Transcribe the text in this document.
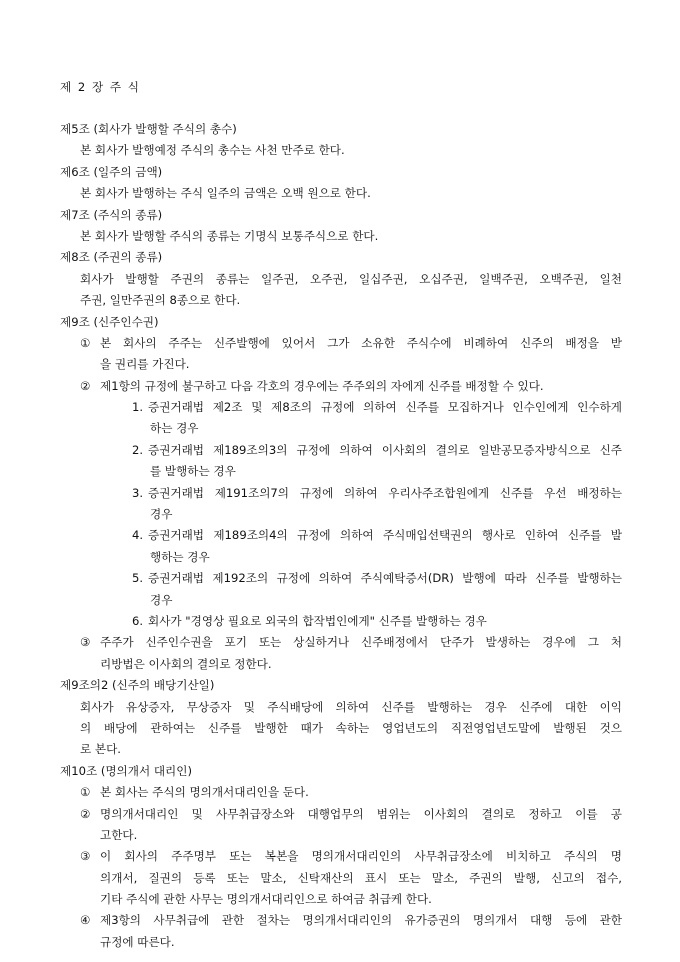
제 2 장 주 식
제5조 (회사가 발행할 주식의 총수)
본 회사가 발행예정 주식의 총수는 사천 만주로 한다.
제6조 (일주의 금액)
본 회사가 발행하는 주식 일주의 금액은 오백 원으로 한다.
제7조 (주식의 종류)
본 회사가 발행할 주식의 종류는 기명식 보통주식으로 한다.
제8조 (주권의 종류)
회사가 발행할 주권의 종류는 일주권, 오주권, 일십주권, 오십주권, 일백주권, 오백주권, 일천
주권, 일만주권의 8종으로 한다.
제9조 (신주인수권)
① 본 회사의 주주는 신주발행에 있어서 그가 소유한 주식수에 비례하여 신주의 배정을 받
을 권리를 가진다.
② 제1항의 규정에 불구하고 다음 각호의 경우에는 주주외의 자에게 신주를 배정할 수 있다.
1. 증권거래법 제2조 및 제8조의 규정에 의하여 신주를 모집하거나 인수인에게 인수하게
하는 경우
2. 증권거래법 제189조의3의 규정에 의하여 이사회의 결의로 일반공모증자방식으로 신주
를 발행하는 경우
3. 증권거래법 제191조의7의 규정에 의하여 우리사주조합원에게 신주를 우선 배정하는
경우
4. 증권거래법 제189조의4의 규정에 의하여 주식매입선택권의 행사로 인하여 신주를 발
행하는 경우
5. 증권거래법 제192조의 규정에 의하여 주식예탁증서(DR) 발행에 따라 신주를 발행하는
경우
6. 회사가 "경영상 필요로 외국의 합작법인에게" 신주를 발행하는 경우
③ 주주가 신주인수권을 포기 또는 상실하거나 신주배정에서 단주가 발생하는 경우에 그 처
리방법은 이사회의 결의로 정한다.
제9조의2 (신주의 배당기산일)
회사가 유상증자, 무상증자 및 주식배당에 의하여 신주를 발행하는 경우 신주에 대한 이익
의 배당에 관하여는 신주를 발행한 때가 속하는 영업년도의 직전영업년도말에 발행된 것으
로 본다.
제10조 (명의개서 대리인)
① 본 회사는 주식의 명의개서대리인을 둔다.
② 명의개서대리인 및 사무취급장소와 대행업무의 범위는 이사회의 결의로 정하고 이를 공
고한다.
③ 이 회사의 주주명부 또는 복본을 명의개서대리인의 사무취급장소에 비치하고 주식의 명
의개서, 질권의 등록 또는 말소, 신탁재산의 표시 또는 말소, 주권의 발행, 신고의 접수,
기타 주식에 관한 사무는 명의개서대리인으로 하여금 취급케 한다.
④ 제3항의 사무취급에 관한 절차는 명의개서대리인의 유가증권의 명의개서 대행 등에 관한
규정에 따른다.
